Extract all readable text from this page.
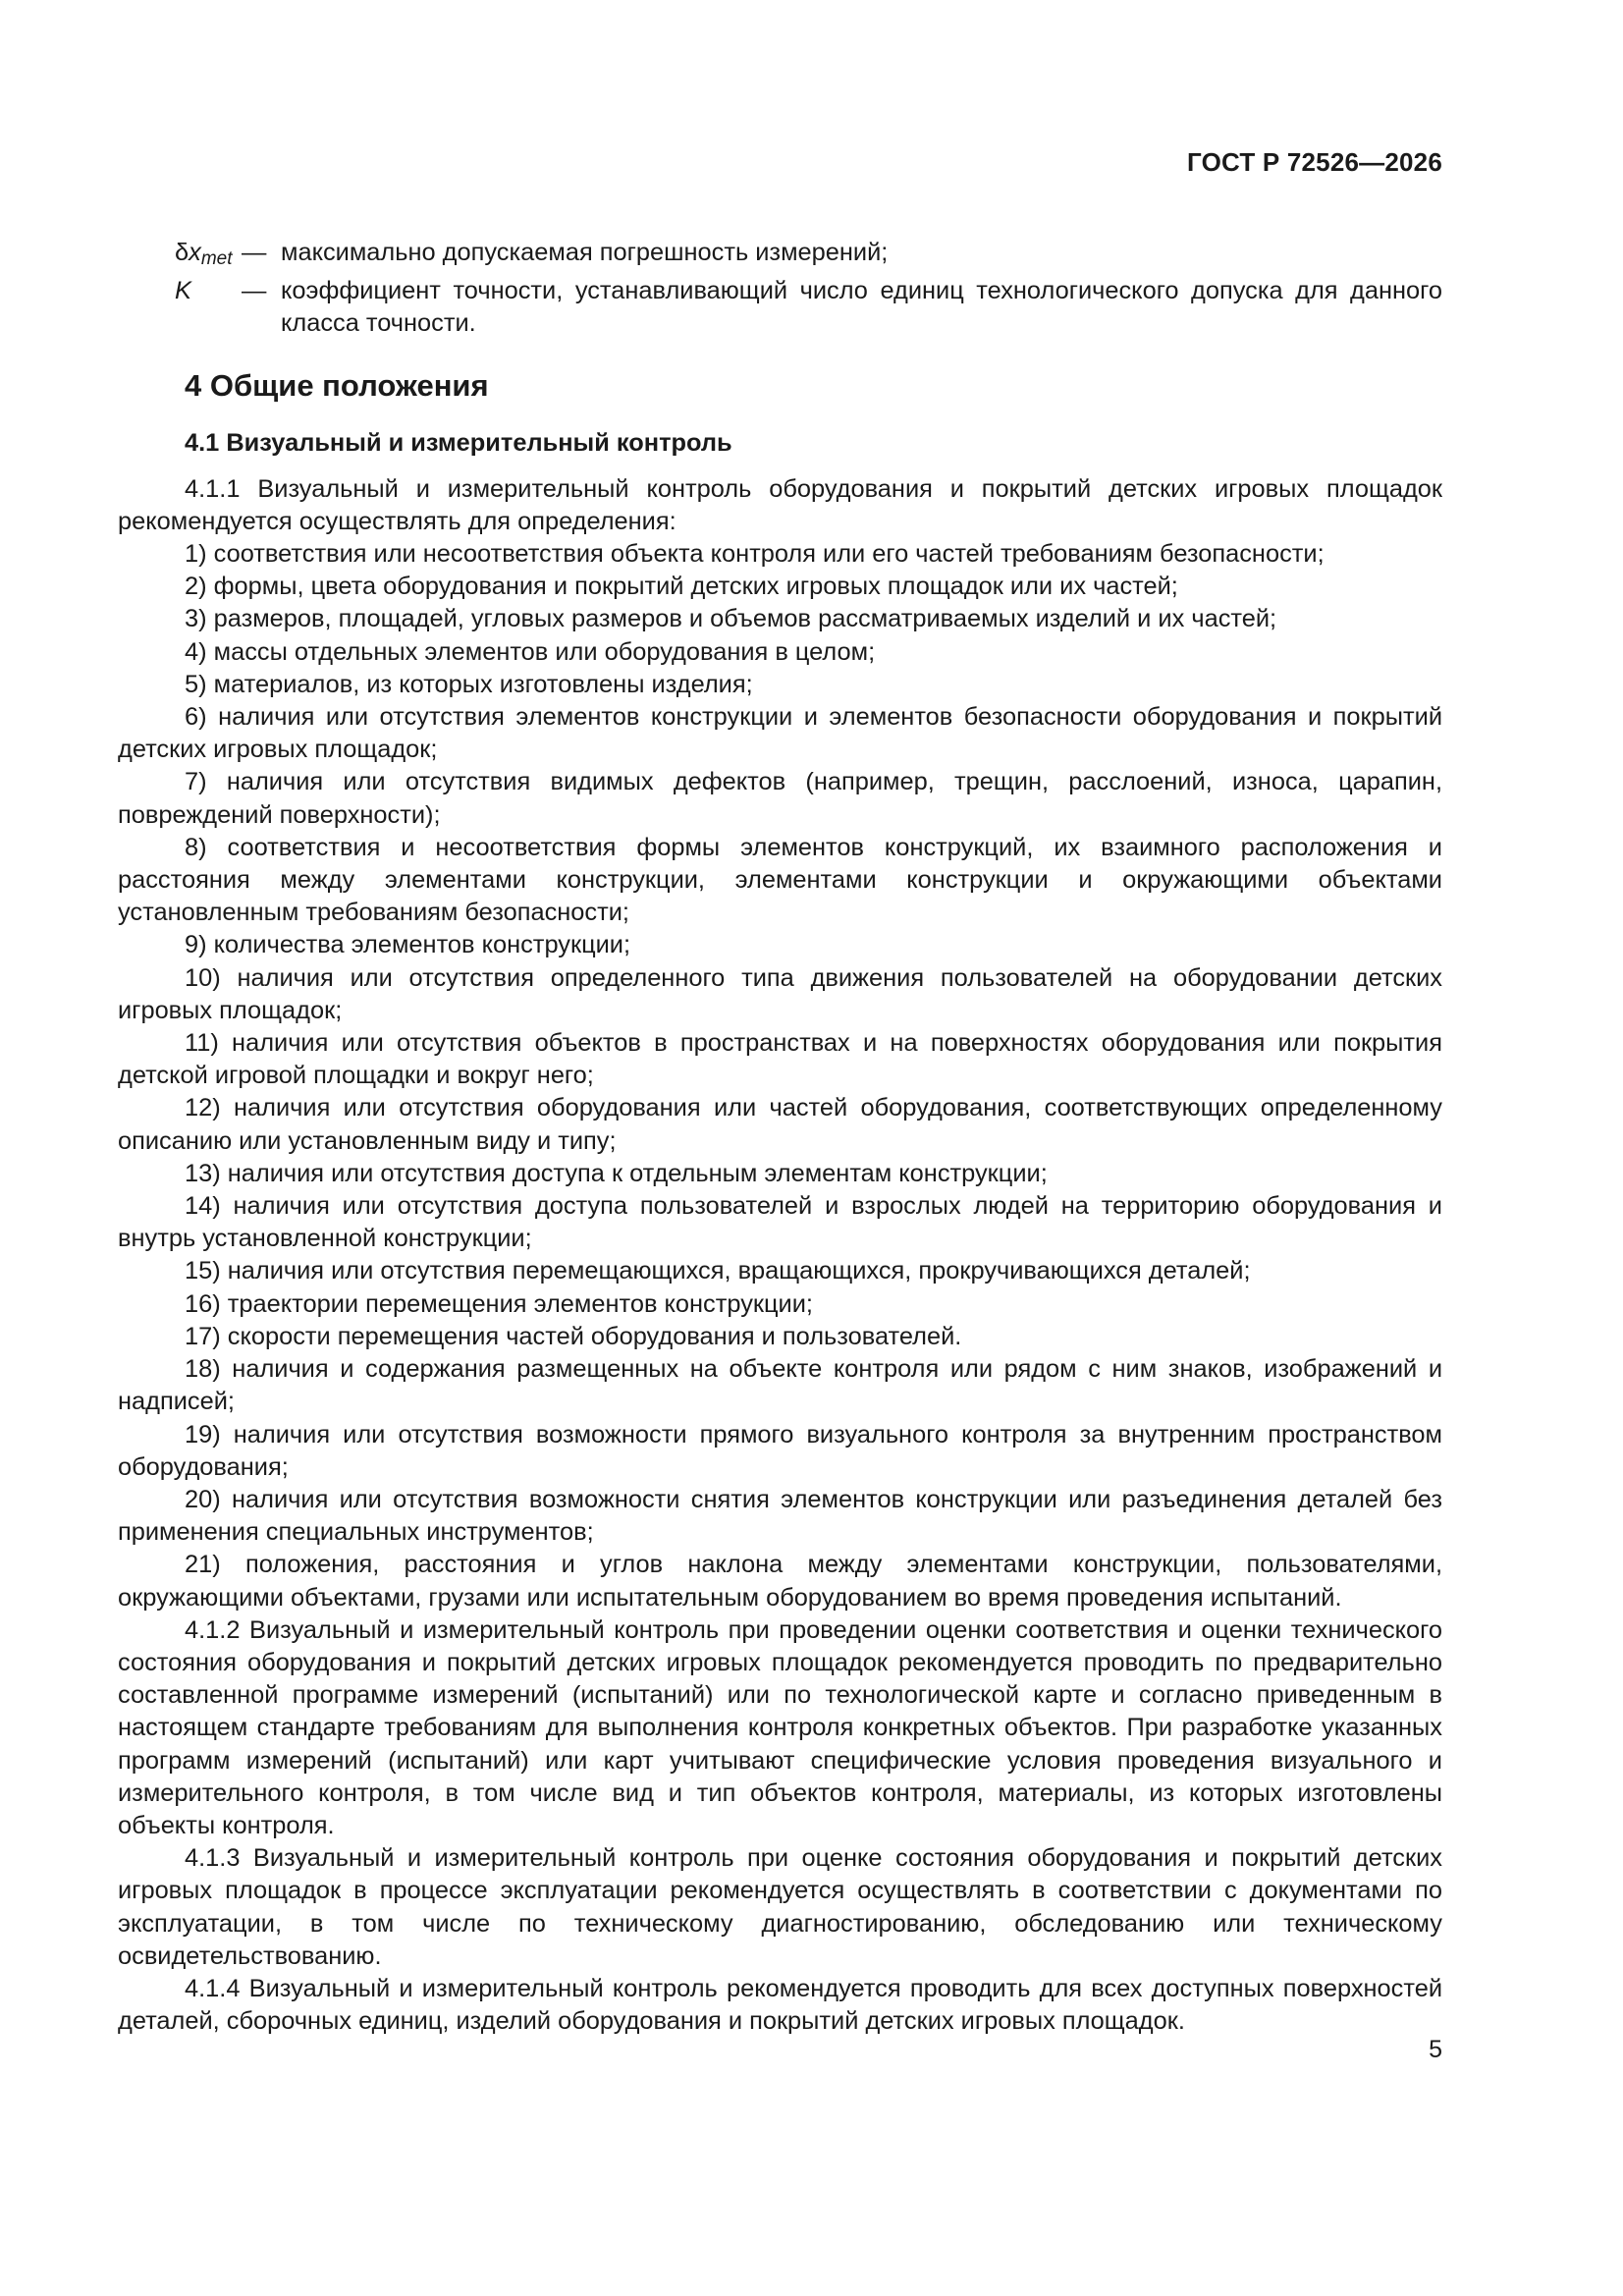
ГОСТ Р 72526—2026
$\delta x_{met}$ — максимально допускаемая погрешность измерений;
K	— коэффициент точности, устанавливающий число единиц технологического допуска для данного класса точности.
4 Общие положения
4.1 Визуальный и измерительный контроль

4.1.1 Визуальный и измерительный контроль оборудования и покрытий детских игровых площадок рекомендуется осуществлять для определения:

1) соответствия или несоответствия объекта контроля или его частей требованиям безопасности;

2) формы, цвета оборудования и покрытий детских игровых площадок или их частей;

3) размеров, площадей, угловых размеров и объемов рассматриваемых изделий и их частей;

4) массы отдельных элементов или оборудования в целом;

5) материалов, из которых изготовлены изделия;

6) наличия или отсутствия элементов конструкции и элементов безопасности оборудования и покрытий детских игровых площадок;

7) наличия или отсутствия видимых дефектов (например, трещин, расслоений, износа, царапин, повреждений поверхности);

8) соответствия и несоответствия формы элементов конструкций, их взаимного расположения и расстояния между элементами конструкции, элементами конструкции и окружающими объектами установленным требованиям безопасности;

9) количества элементов конструкции;

10) наличия или отсутствия определенного типа движения пользователей на оборудовании детских игровых площадок;

11) наличия или отсутствия объектов в пространствах и на поверхностях оборудования или покрытия детской игровой площадки и вокруг него;

12) наличия или отсутствия оборудования или частей оборудования, соответствующих определенному описанию или установленным виду и типу;

13) наличия или отсутствия доступа к отдельным элементам конструкции;

14) наличия или отсутствия доступа пользователей и взрослых людей на территорию оборудования и внутрь установленной конструкции;

15) наличия или отсутствия перемещающихся, вращающихся, прокручивающихся деталей;

16) траектории перемещения элементов конструкции;

17) скорости перемещения частей оборудования и пользователей.

18) наличия и содержания размещенных на объекте контроля или рядом с ним знаков, изображений и надписей;

19) наличия или отсутствия возможности прямого визуального контроля за внутренним пространством оборудования;

20) наличия или отсутствия возможности снятия элементов конструкции или разъединения деталей без применения специальных инструментов;

21) положения, расстояния и углов наклона между элементами конструкции, пользователями, окружающими объектами, грузами или испытательным оборудованием во время проведения испытаний.

4.1.2 Визуальный и измерительный контроль при проведении оценки соответствия и оценки технического состояния оборудования и покрытий детских игровых площадок рекомендуется проводить по предварительно составленной программе измерений (испытаний) или по технологической карте и согласно приведенным в настоящем стандарте требованиям для выполнения контроля конкретных объектов. При разработке указанных программ измерений (испытаний) или карт учитывают специфические условия проведения визуального и измерительного контроля, в том числе вид и тип объектов контроля, материалы, из которых изготовлены объекты контроля.

4.1.3 Визуальный и измерительный контроль при оценке состояния оборудования и покрытий детских игровых площадок в процессе эксплуатации рекомендуется осуществлять в соответствии с документами по эксплуатации, в том числе по техническому диагностированию, обследованию или техническому освидетельствованию.

4.1.4 Визуальный и измерительный контроль рекомендуется проводить для всех доступных поверхностей деталей, сборочных единиц, изделий оборудования и покрытий детских игровых площадок.

5
